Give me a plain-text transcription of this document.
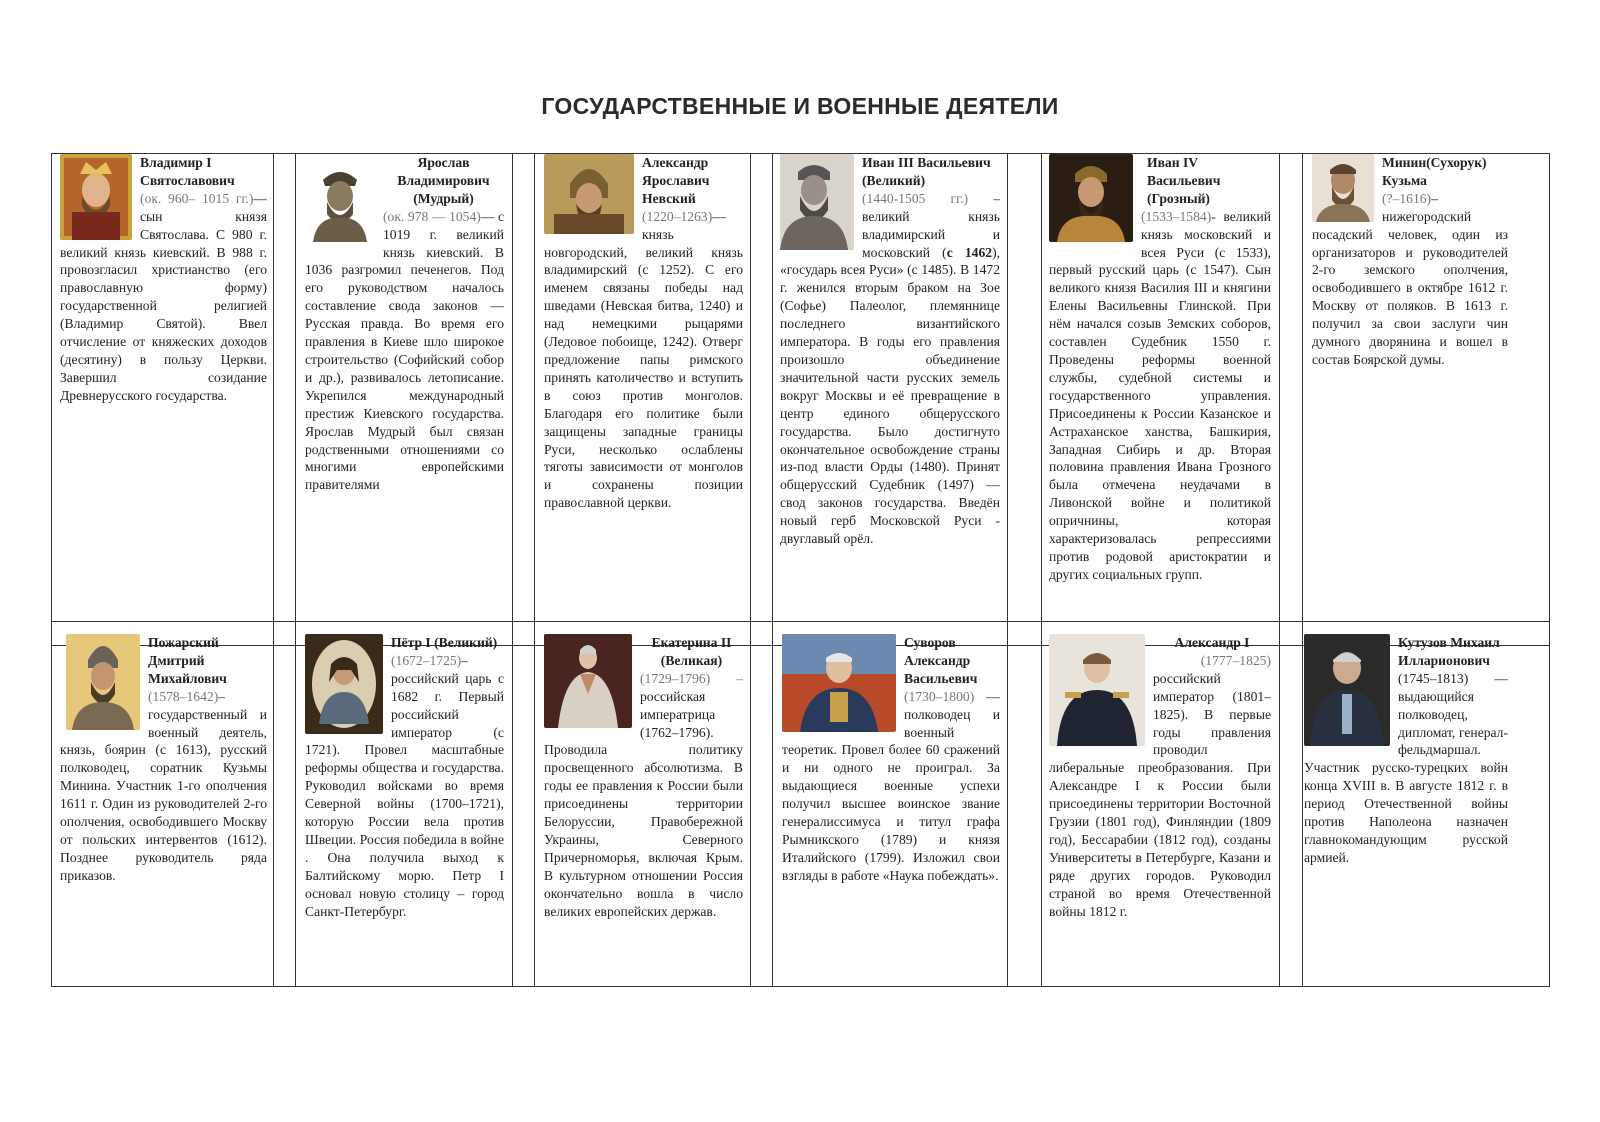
ГОСУДАРСТВЕННЫЕ И ВОЕННЫЕ ДЕЯТЕЛИ
Владимир I Святославович
(ок. 960– 1015 гг.)— сын князя Святослава. С 980 г. великий князь киевский. В 988 г. провозгласил христианство (его православную форму) государственной религией (Владимир Святой). Ввел отчисление от княжеских доходов (десятину) в пользу Церкви. Завершил созидание Древнерусского государства.
Ярослав Владимирович (Мудрый)
(ок. 978 — 1054)— с 1019 г. великий князь киевский. В 1036 разгромил печенегов. Под его руководством началось составление свода законов — Русская правда. Во время его правления в Киеве шло широкое строительство (Софийский собор и др.), развивалось летописание. Укрепился международный престиж Киевского государства. Ярослав Мудрый был связан родственными отношениями со многими европейскими правителями
Александр Ярославич Невский
(1220–1263)— князь новгородский, великий князь владимирский (с 1252). С его именем связаны победы над шведами (Невская битва, 1240) и над немецкими рыцарями (Ледовое побоище, 1242). Отверг предложение папы римского принять католичество и вступить в союз против монголов. Благодаря его политике были защищены западные границы Руси, несколько ослаблены тяготы зависимости от монголов и сохранены позиции православной церкви.
Иван III Васильевич (Великий)
(1440-1505 гг.) – великий князь владимирский и московский (с 1462), «государь всея Руси» (с 1485). В 1472 г. женился вторым браком на Зое (Софье) Палеолог, племяннице последнего византийского императора. В годы его правления произошло объединение значительной части русских земель вокруг Москвы и её превращение в центр единого общерусского государства. Было достигнуто окончательное освобождение страны из-под власти Орды (1480). Принят общерусский Судебник (1497) — свод законов государства. Введён новый герб Московской Руси - двуглавый орёл.
Иван IV Васильевич (Грозный)
(1533–1584)- великий князь московский и всея Руси (с 1533), первый русский царь (с 1547). Сын великого князя Василия III и княгини Елены Васильевны Глинской. При нём начался созыв Земских соборов, составлен Судебник 1550 г. Проведены реформы военной службы, судебной системы и государственного управления. Присоединены к России Казанское и Астраханское ханства, Башкирия, Западная Сибирь и др. Вторая половина правления Ивана Грозного была отмечена неудачами в Ливонской войне и политикой опричнины, которая характеризовалась репрессиями против родовой аристократии и других социальных групп.
Минин(Сухорук) Кузьма
(?–1616)– нижегородский посадский человек, один из организаторов и руководителей 2-го земского ополчения, освободившего в октябре 1612 г. Москву от поляков. В 1613 г. получил за свои заслуги чин думного дворянина и вошел в состав Боярской думы.
Пожарский Дмитрий Михайлович
(1578–1642)– государственный и военный деятель, князь, боярин (с 1613), русский полководец, соратник Кузьмы Минина. Участник 1-го ополчения 1611 г. Один из руководителей 2-го ополчения, освободившего Москву от польских интервентов (1612). Позднее руководитель ряда приказов.
Пётр I (Великий)
(1672–1725)– российский царь с 1682 г. Первый российский император (с 1721). Провел масштабные реформы общества и государства. Руководил войсками во время Северной войны (1700–1721), которую России вела против Швеции. Россия победила в войне . Она получила выход к Балтийскому морю. Петр I основал новую столицу – город Санкт-Петербург.
Екатерина II (Великая)
(1729–1796) – российская императрица (1762–1796). Проводила политику просвещенного абсолютизма. В годы ее правления к России были присоединены территории Белоруссии, Правобережной Украины, Северного Причерноморья, включая Крым. В культурном отношении Россия окончательно вошла в число великих европейских держав.
Суворов Александр Васильевич
(1730–1800) — полководец и военный теоретик. Провел более 60 сражений и ни одного не проиграл. За выдающиеся военные успехи получил высшее воинское звание генералиссимуса и титул графа Рымникского (1789) и князя Италийского (1799). Изложил свои взгляды в работе «Наука побеждать».
Александр I
(1777–1825)
российский император (1801–1825). В первые годы правления проводил либеральные преобразования. При Александре I к России были присоединены территории Восточной Грузии (1801 год), Финляндии (1809 год), Бессарабии (1812 год), созданы Университеты в Петербурге, Казани и ряде других городов. Руководил страной во время Отечественной войны 1812 г.
Кутузов Михаил Илларионович
(1745–1813) — выдающийся полководец, дипломат, генерал-фельдмаршал. Участник русско-турецких войн конца XVIII в. В августе 1812 г. в период Отечественной войны против Наполеона назначен главнокомандующим русской армией.
